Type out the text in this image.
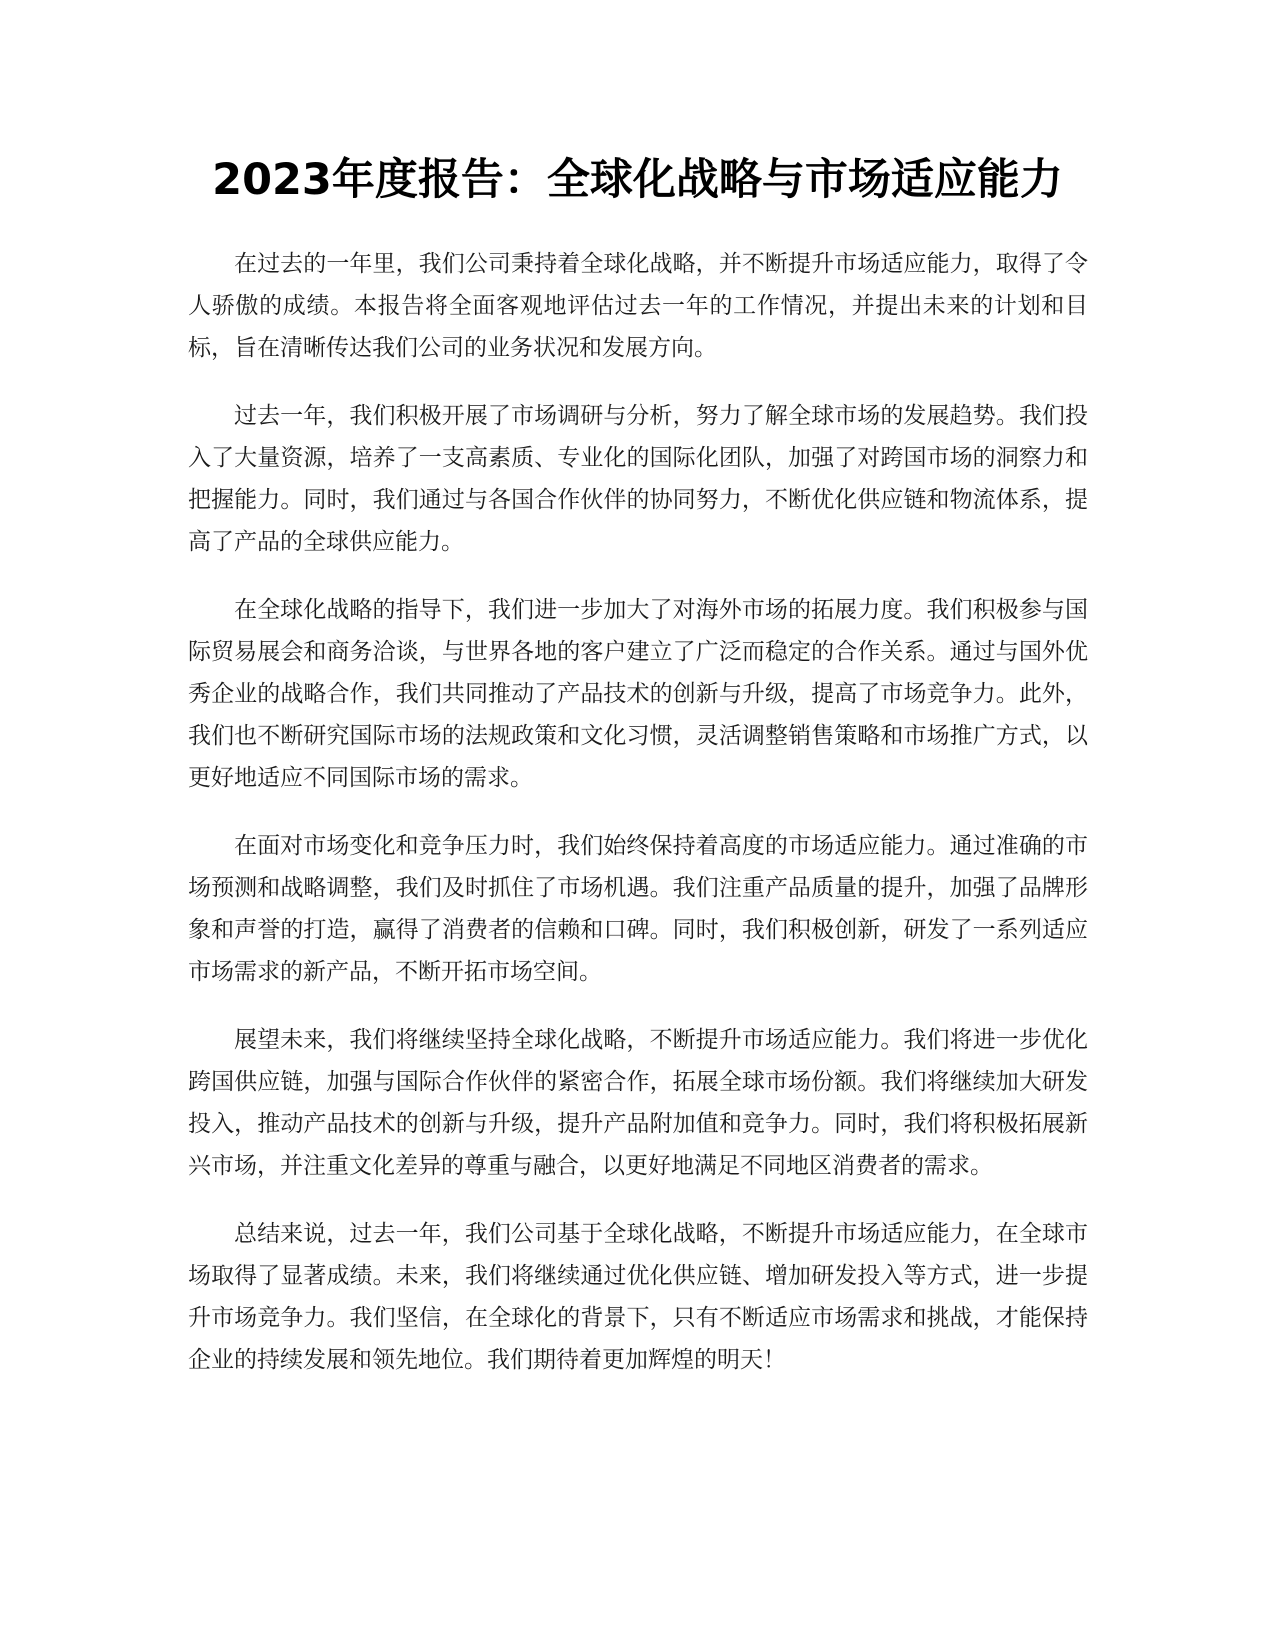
2023年度报告：全球化战略与市场适应能力

在过去的一年里，我们公司秉持着全球化战略，并不断提升市场适应能力，取得了令人骄傲的成绩。本报告将全面客观地评估过去一年的工作情况，并提出未来的计划和目标，旨在清晰传达我们公司的业务状况和发展方向。

过去一年，我们积极开展了市场调研与分析，努力了解全球市场的发展趋势。我们投入了大量资源，培养了一支高素质、专业化的国际化团队，加强了对跨国市场的洞察力和把握能力。同时，我们通过与各国合作伙伴的协同努力，不断优化供应链和物流体系，提高了产品的全球供应能力。

在全球化战略的指导下，我们进一步加大了对海外市场的拓展力度。我们积极参与国际贸易展会和商务洽谈，与世界各地的客户建立了广泛而稳定的合作关系。通过与国外优秀企业的战略合作，我们共同推动了产品技术的创新与升级，提高了市场竞争力。此外，我们也不断研究国际市场的法规政策和文化习惯，灵活调整销售策略和市场推广方式，以更好地适应不同国际市场的需求。

在面对市场变化和竞争压力时，我们始终保持着高度的市场适应能力。通过准确的市场预测和战略调整，我们及时抓住了市场机遇。我们注重产品质量的提升，加强了品牌形象和声誉的打造，赢得了消费者的信赖和口碑。同时，我们积极创新，研发了一系列适应市场需求的新产品，不断开拓市场空间。

展望未来，我们将继续坚持全球化战略，不断提升市场适应能力。我们将进一步优化跨国供应链，加强与国际合作伙伴的紧密合作，拓展全球市场份额。我们将继续加大研发投入，推动产品技术的创新与升级，提升产品附加值和竞争力。同时，我们将积极拓展新兴市场，并注重文化差异的尊重与融合，以更好地满足不同地区消费者的需求。

总结来说，过去一年，我们公司基于全球化战略，不断提升市场适应能力，在全球市场取得了显著成绩。未来，我们将继续通过优化供应链、增加研发投入等方式，进一步提升市场竞争力。我们坚信，在全球化的背景下，只有不断适应市场需求和挑战，才能保持企业的持续发展和领先地位。我们期待着更加辉煌的明天！
